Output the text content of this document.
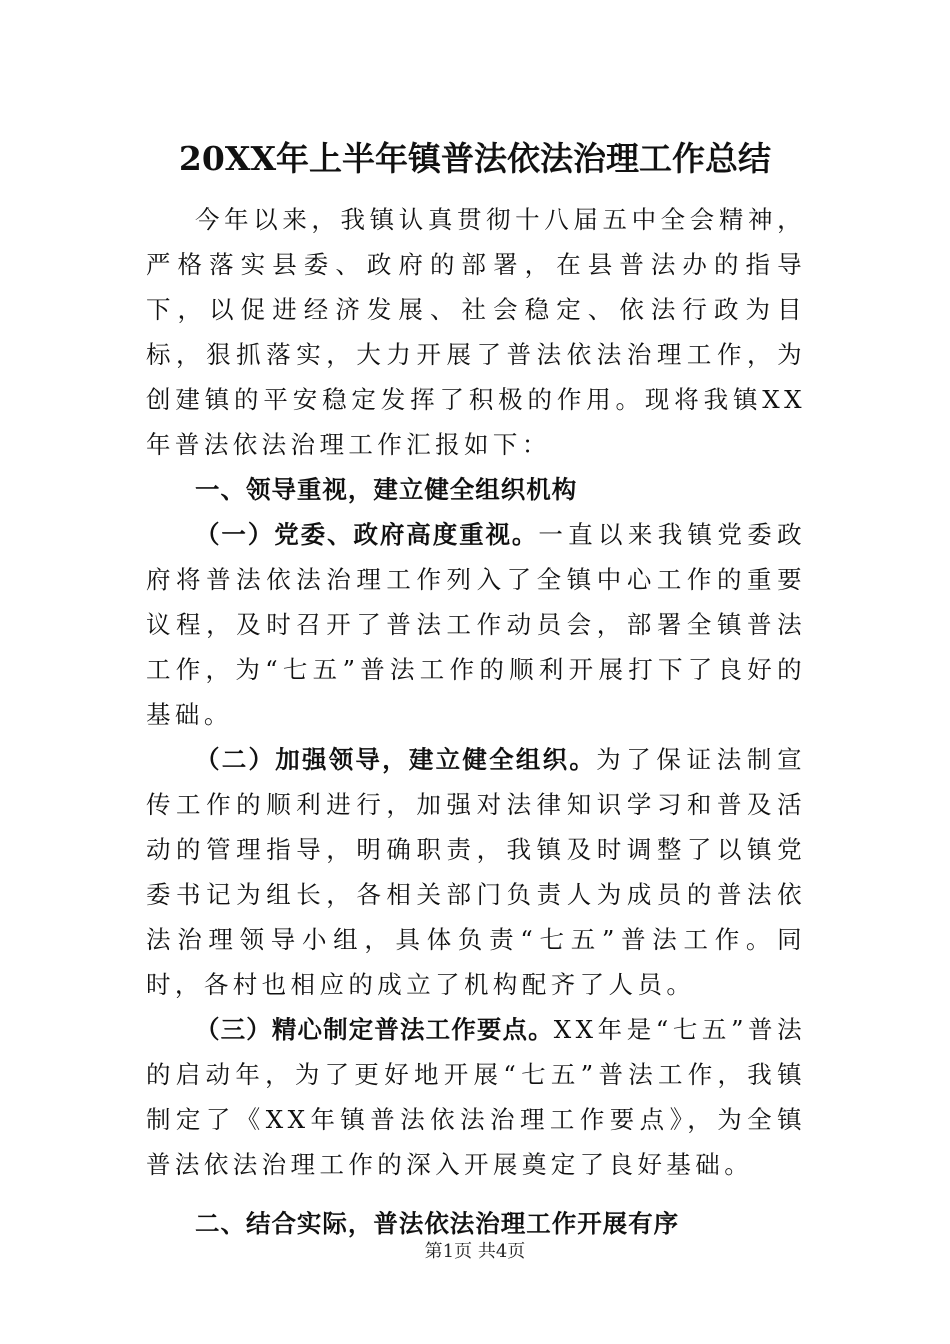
20XX年上半年镇普法依法治理工作总结

今年以来，我镇认真贯彻十八届五中全会精神，严格落实县委、政府的部署，在县普法办的指导下，以促进经济发展、社会稳定、依法行政为目标，狠抓落实，大力开展了普法依法治理工作，为创建镇的平安稳定发挥了积极的作用。现将我镇XX年普法依法治理工作汇报如下：

一、领导重视，建立健全组织机构

（一）党委、政府高度重视。一直以来我镇党委政府将普法依法治理工作列入了全镇中心工作的重要议程，及时召开了普法工作动员会，部署全镇普法工作，为“七五”普法工作的顺利开展打下了良好的基础。

（二）加强领导，建立健全组织。为了保证法制宣传工作的顺利进行，加强对法律知识学习和普及活动的管理指导，明确职责，我镇及时调整了以镇党委书记为组长，各相关部门负责人为成员的普法依法治理领导小组，具体负责“七五”普法工作。同时，各村也相应的成立了机构配齐了人员。

（三）精心制定普法工作要点。XX年是“七五”普法的启动年，为了更好地开展“七五”普法工作，我镇制定了《XX年镇普法依法治理工作要点》，为全镇普法依法治理工作的深入开展奠定了良好基础。

二、结合实际，普法依法治理工作开展有序

第1页 共4页
